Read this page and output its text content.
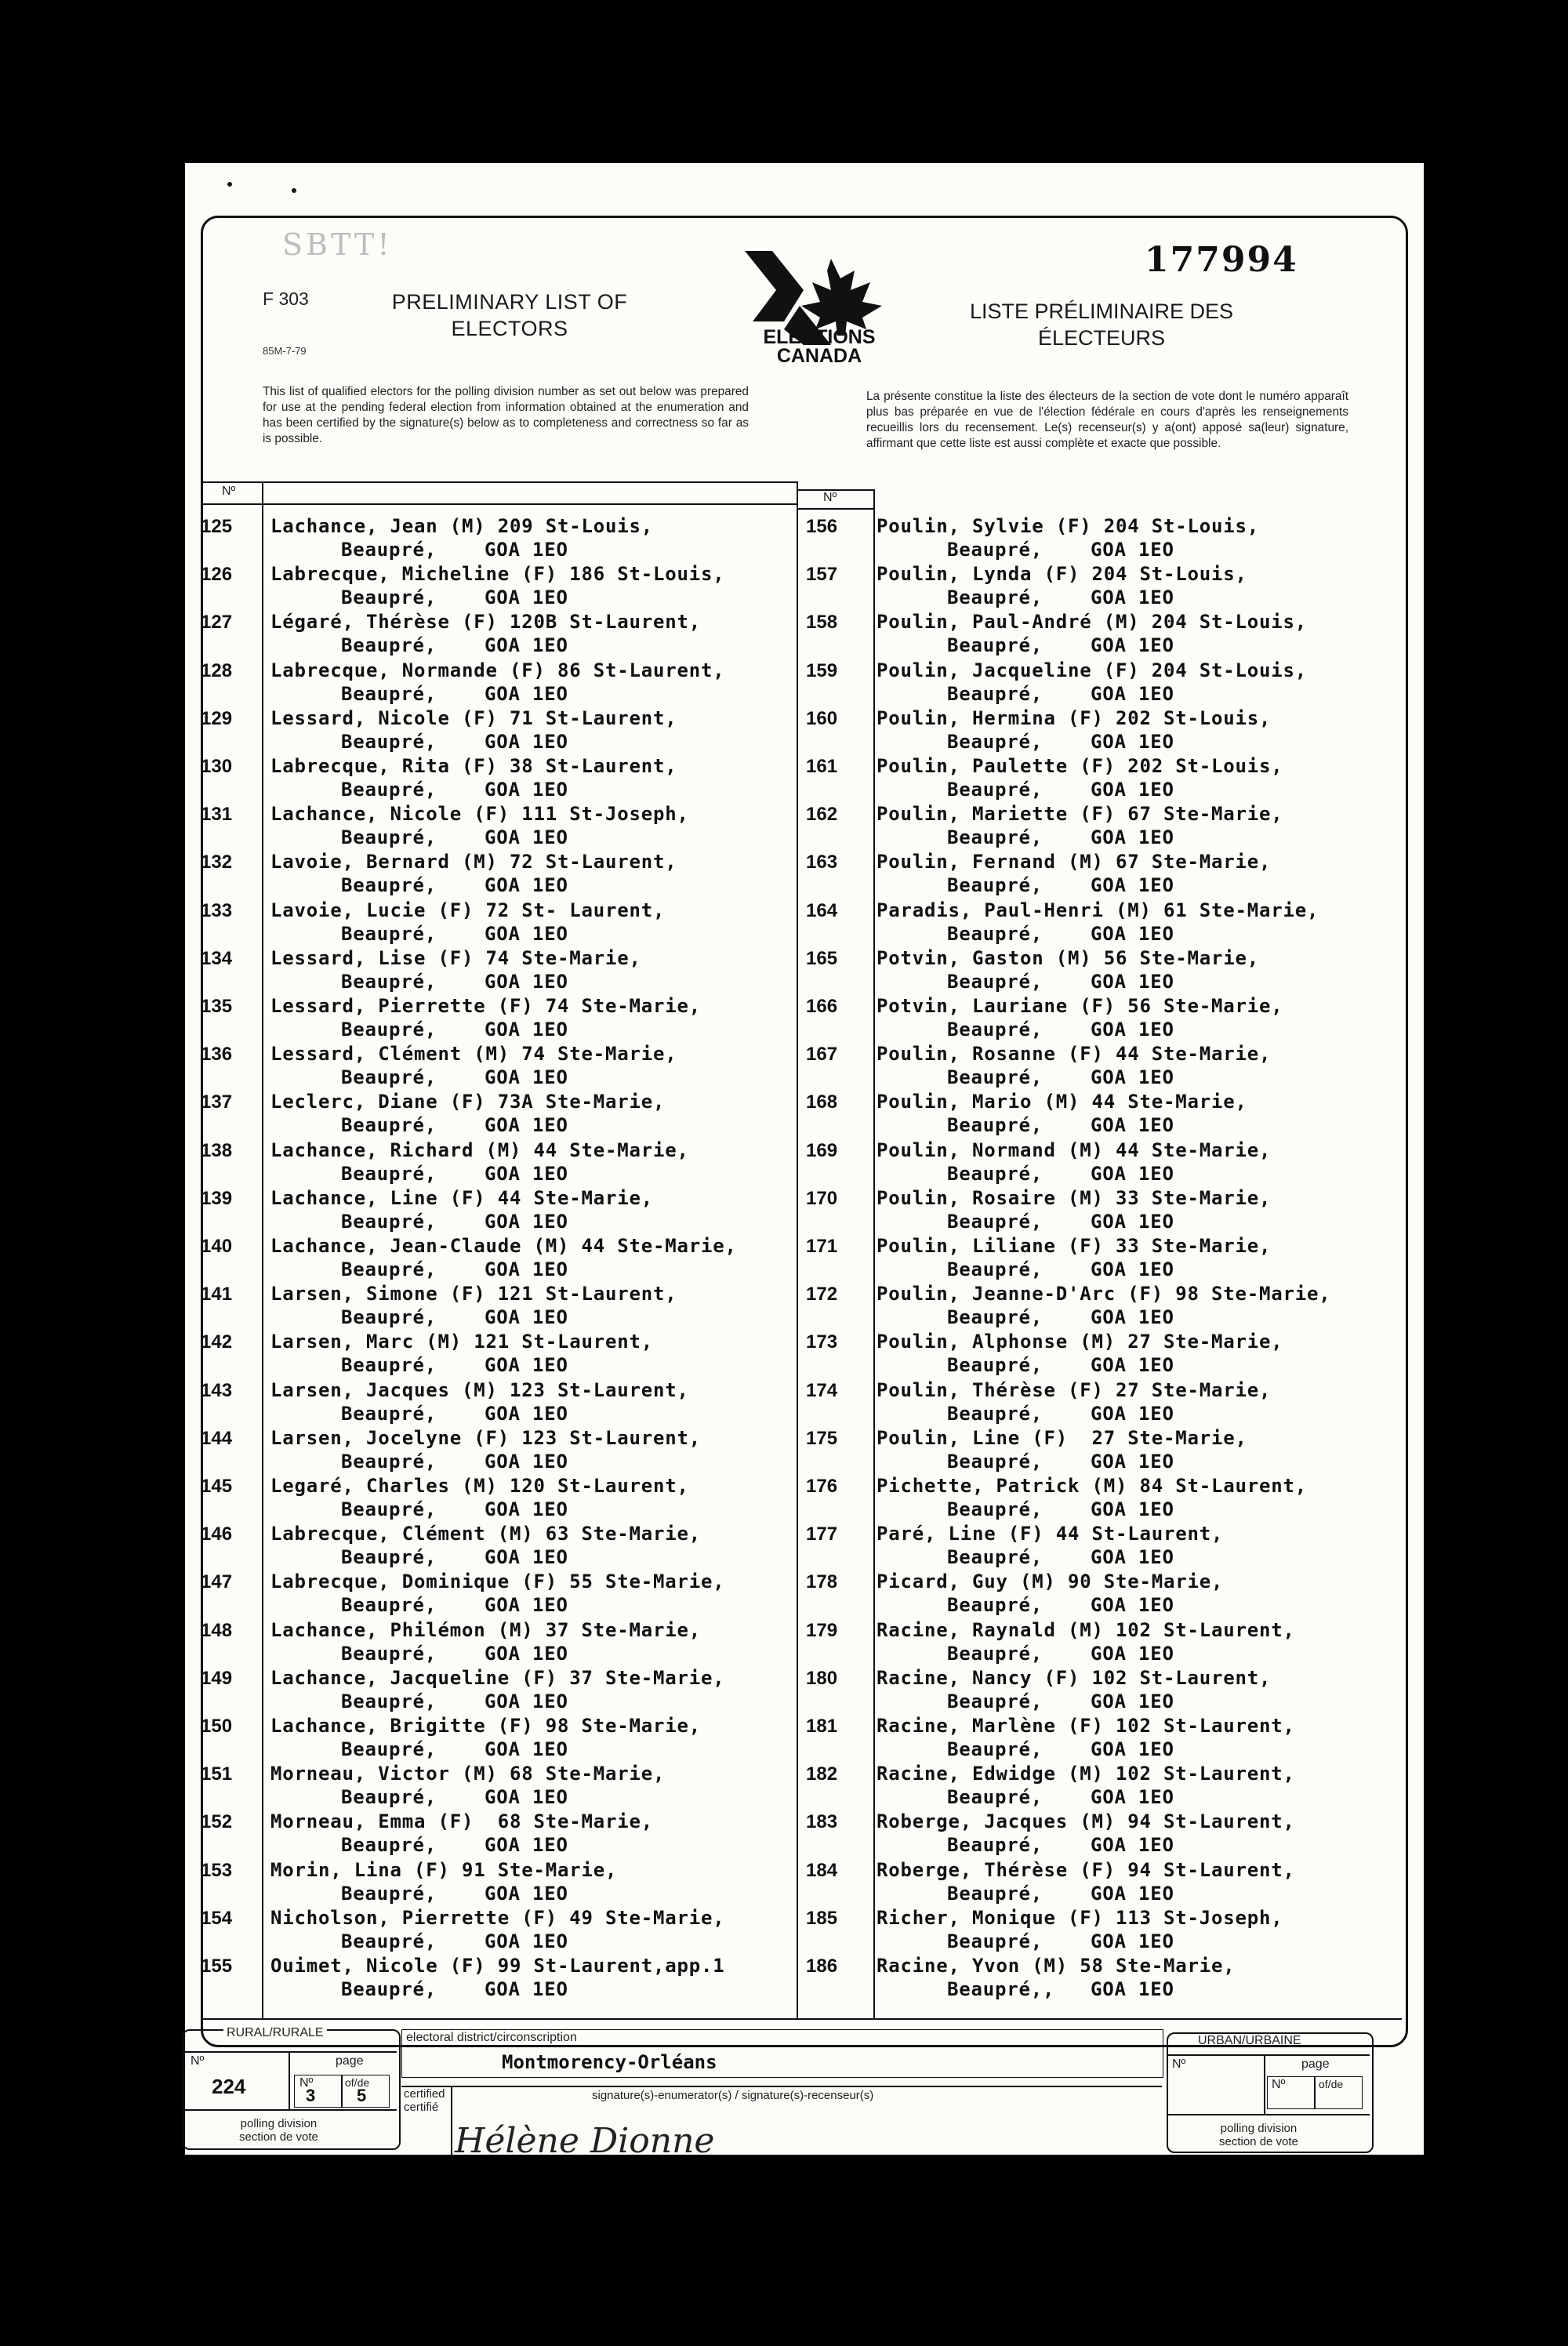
SBTT!	177994
F 303
85M-7-79
PRELIMINARY LIST OF
ELECTORS
LISTE PRÉLIMINAIRE DES
ÉLECTEURS
ELECTIONS
CANADA
This list of qualified electors for the polling division number as set out below was prepared for use at the pending federal election from information obtained at the enumeration and has been certified by the signature(s) below as to completeness and correctness so far as is possible.
La présente constitue la liste des électeurs de la section de vote dont le numéro apparaît plus bas préparée en vue de l'élection fédérale en cours d'après les renseignements recueillis lors du recensement. Le(s) recenseur(s) y a(ont) apposé sa(leur) signature, affirmant que cette liste est aussi complète et exacte que possible.
Nº	Nº
125 Lachance, Jean (M) 209 St-Louis,
Beaupré,    GOA 1EO
126 Labrecque, Micheline (F) 186 St-Louis,
Beaupré,    GOA 1EO
127 Légaré, Thérèse (F) 120B St-Laurent,
Beaupré,    GOA 1EO
128 Labrecque, Normande (F) 86 St-Laurent,
Beaupré,    GOA 1EO
129 Lessard, Nicole (F) 71 St-Laurent,
Beaupré,    GOA 1EO
130 Labrecque, Rita (F) 38 St-Laurent,
Beaupré,    GOA 1EO
131 Lachance, Nicole (F) 111 St-Joseph,
Beaupré,    GOA 1EO
132 Lavoie, Bernard (M) 72 St-Laurent,
Beaupré,    GOA 1EO
133 Lavoie, Lucie (F) 72 St- Laurent,
Beaupré,    GOA 1EO
134 Lessard, Lise (F) 74 Ste-Marie,
Beaupré,    GOA 1EO
135 Lessard, Pierrette (F) 74 Ste-Marie,
Beaupré,    GOA 1EO
136 Lessard, Clément (M) 74 Ste-Marie,
Beaupré,    GOA 1EO
137 Leclerc, Diane (F) 73A Ste-Marie,
Beaupré,    GOA 1EO
138 Lachance, Richard (M) 44 Ste-Marie,
Beaupré,    GOA 1EO
139 Lachance, Line (F) 44 Ste-Marie,
Beaupré,    GOA 1EO
140 Lachance, Jean-Claude (M) 44 Ste-Marie,
Beaupré,    GOA 1EO
141 Larsen, Simone (F) 121 St-Laurent,
Beaupré,    GOA 1EO
142 Larsen, Marc (M) 121 St-Laurent,
Beaupré,    GOA 1EO
143 Larsen, Jacques (M) 123 St-Laurent,
Beaupré,    GOA 1EO
144 Larsen, Jocelyne (F) 123 St-Laurent,
Beaupré,    GOA 1EO
145 Legaré, Charles (M) 120 St-Laurent,
Beaupré,    GOA 1EO
146 Labrecque, Clément (M) 63 Ste-Marie,
Beaupré,    GOA 1EO
147 Labrecque, Dominique (F) 55 Ste-Marie,
Beaupré,    GOA 1EO
148 Lachance, Philémon (M) 37 Ste-Marie,
Beaupré,    GOA 1EO
149 Lachance, Jacqueline (F) 37 Ste-Marie,
Beaupré,    GOA 1EO
150 Lachance, Brigitte (F) 98 Ste-Marie,
Beaupré,    GOA 1EO
151 Morneau, Victor (M) 68 Ste-Marie,
Beaupré,    GOA 1EO
152 Morneau, Emma (F)  68 Ste-Marie,
Beaupré,    GOA 1EO
153 Morin, Lina (F) 91 Ste-Marie,
Beaupré,    GOA 1EO
154 Nicholson, Pierrette (F) 49 Ste-Marie,
Beaupré,    GOA 1EO
155 Ouimet, Nicole (F) 99 St-Laurent,app.1
Beaupré,    GOA 1EO
156 Poulin, Sylvie (F) 204 St-Louis,
Beaupré,    GOA 1EO
157 Poulin, Lynda (F) 204 St-Louis,
Beaupré,    GOA 1EO
158 Poulin, Paul-André (M) 204 St-Louis,
Beaupré,    GOA 1EO
159 Poulin, Jacqueline (F) 204 St-Louis,
Beaupré,    GOA 1EO
160 Poulin, Hermina (F) 202 St-Louis,
Beaupré,    GOA 1EO
161 Poulin, Paulette (F) 202 St-Louis,
Beaupré,    GOA 1EO
162 Poulin, Mariette (F) 67 Ste-Marie,
Beaupré,    GOA 1EO
163 Poulin, Fernand (M) 67 Ste-Marie,
Beaupré,    GOA 1EO
164 Paradis, Paul-Henri (M) 61 Ste-Marie,
Beaupré,    GOA 1EO
165 Potvin, Gaston (M) 56 Ste-Marie,
Beaupré,    GOA 1EO
166 Potvin, Lauriane (F) 56 Ste-Marie,
Beaupré,    GOA 1EO
167 Poulin, Rosanne (F) 44 Ste-Marie,
Beaupré,    GOA 1EO
168 Poulin, Mario (M) 44 Ste-Marie,
Beaupré,    GOA 1EO
169 Poulin, Normand (M) 44 Ste-Marie,
Beaupré,    GOA 1EO
170 Poulin, Rosaire (M) 33 Ste-Marie,
Beaupré,    GOA 1EO
171 Poulin, Liliane (F) 33 Ste-Marie,
Beaupré,    GOA 1EO
172 Poulin, Jeanne-D'Arc (F) 98 Ste-Marie,
Beaupré,    GOA 1EO
173 Poulin, Alphonse (M) 27 Ste-Marie,
Beaupré,    GOA 1EO
174 Poulin, Thérèse (F) 27 Ste-Marie,
Beaupré,    GOA 1EO
175 Poulin, Line (F)  27 Ste-Marie,
Beaupré,    GOA 1EO
176 Pichette, Patrick (M) 84 St-Laurent,
Beaupré,    GOA 1EO
177 Paré, Line (F) 44 St-Laurent,
Beaupré,    GOA 1EO
178 Picard, Guy (M) 90 Ste-Marie,
Beaupré,    GOA 1EO
179 Racine, Raynald (M) 102 St-Laurent,
Beaupré,    GOA 1EO
180 Racine, Nancy (F) 102 St-Laurent,
Beaupré,    GOA 1EO
181 Racine, Marlène (F) 102 St-Laurent,
Beaupré,    GOA 1EO
182 Racine, Edwidge (M) 102 St-Laurent,
Beaupré,    GOA 1EO
183 Roberge, Jacques (M) 94 St-Laurent,
Beaupré,    GOA 1EO
184 Roberge, Thérèse (F) 94 St-Laurent,
Beaupré,    GOA 1EO
185 Richer, Monique (F) 113 St-Joseph,
Beaupré,    GOA 1EO
186 Racine, Yvon (M) 58 Ste-Marie,
Beaupré,,   GOA 1EO
RURAL/RURALE
Nº	page
224	Nº	of/de
3 5
polling division
section de vote
electoral district/circonscription
Montmorency-Orléans
certified
certifié
signature(s)-enumerator(s) / signature(s)-recenseur(s)
Hélène Dionne
URBAN/URBAINE
Nº	page
Nº	of/de
polling division
section de vote
